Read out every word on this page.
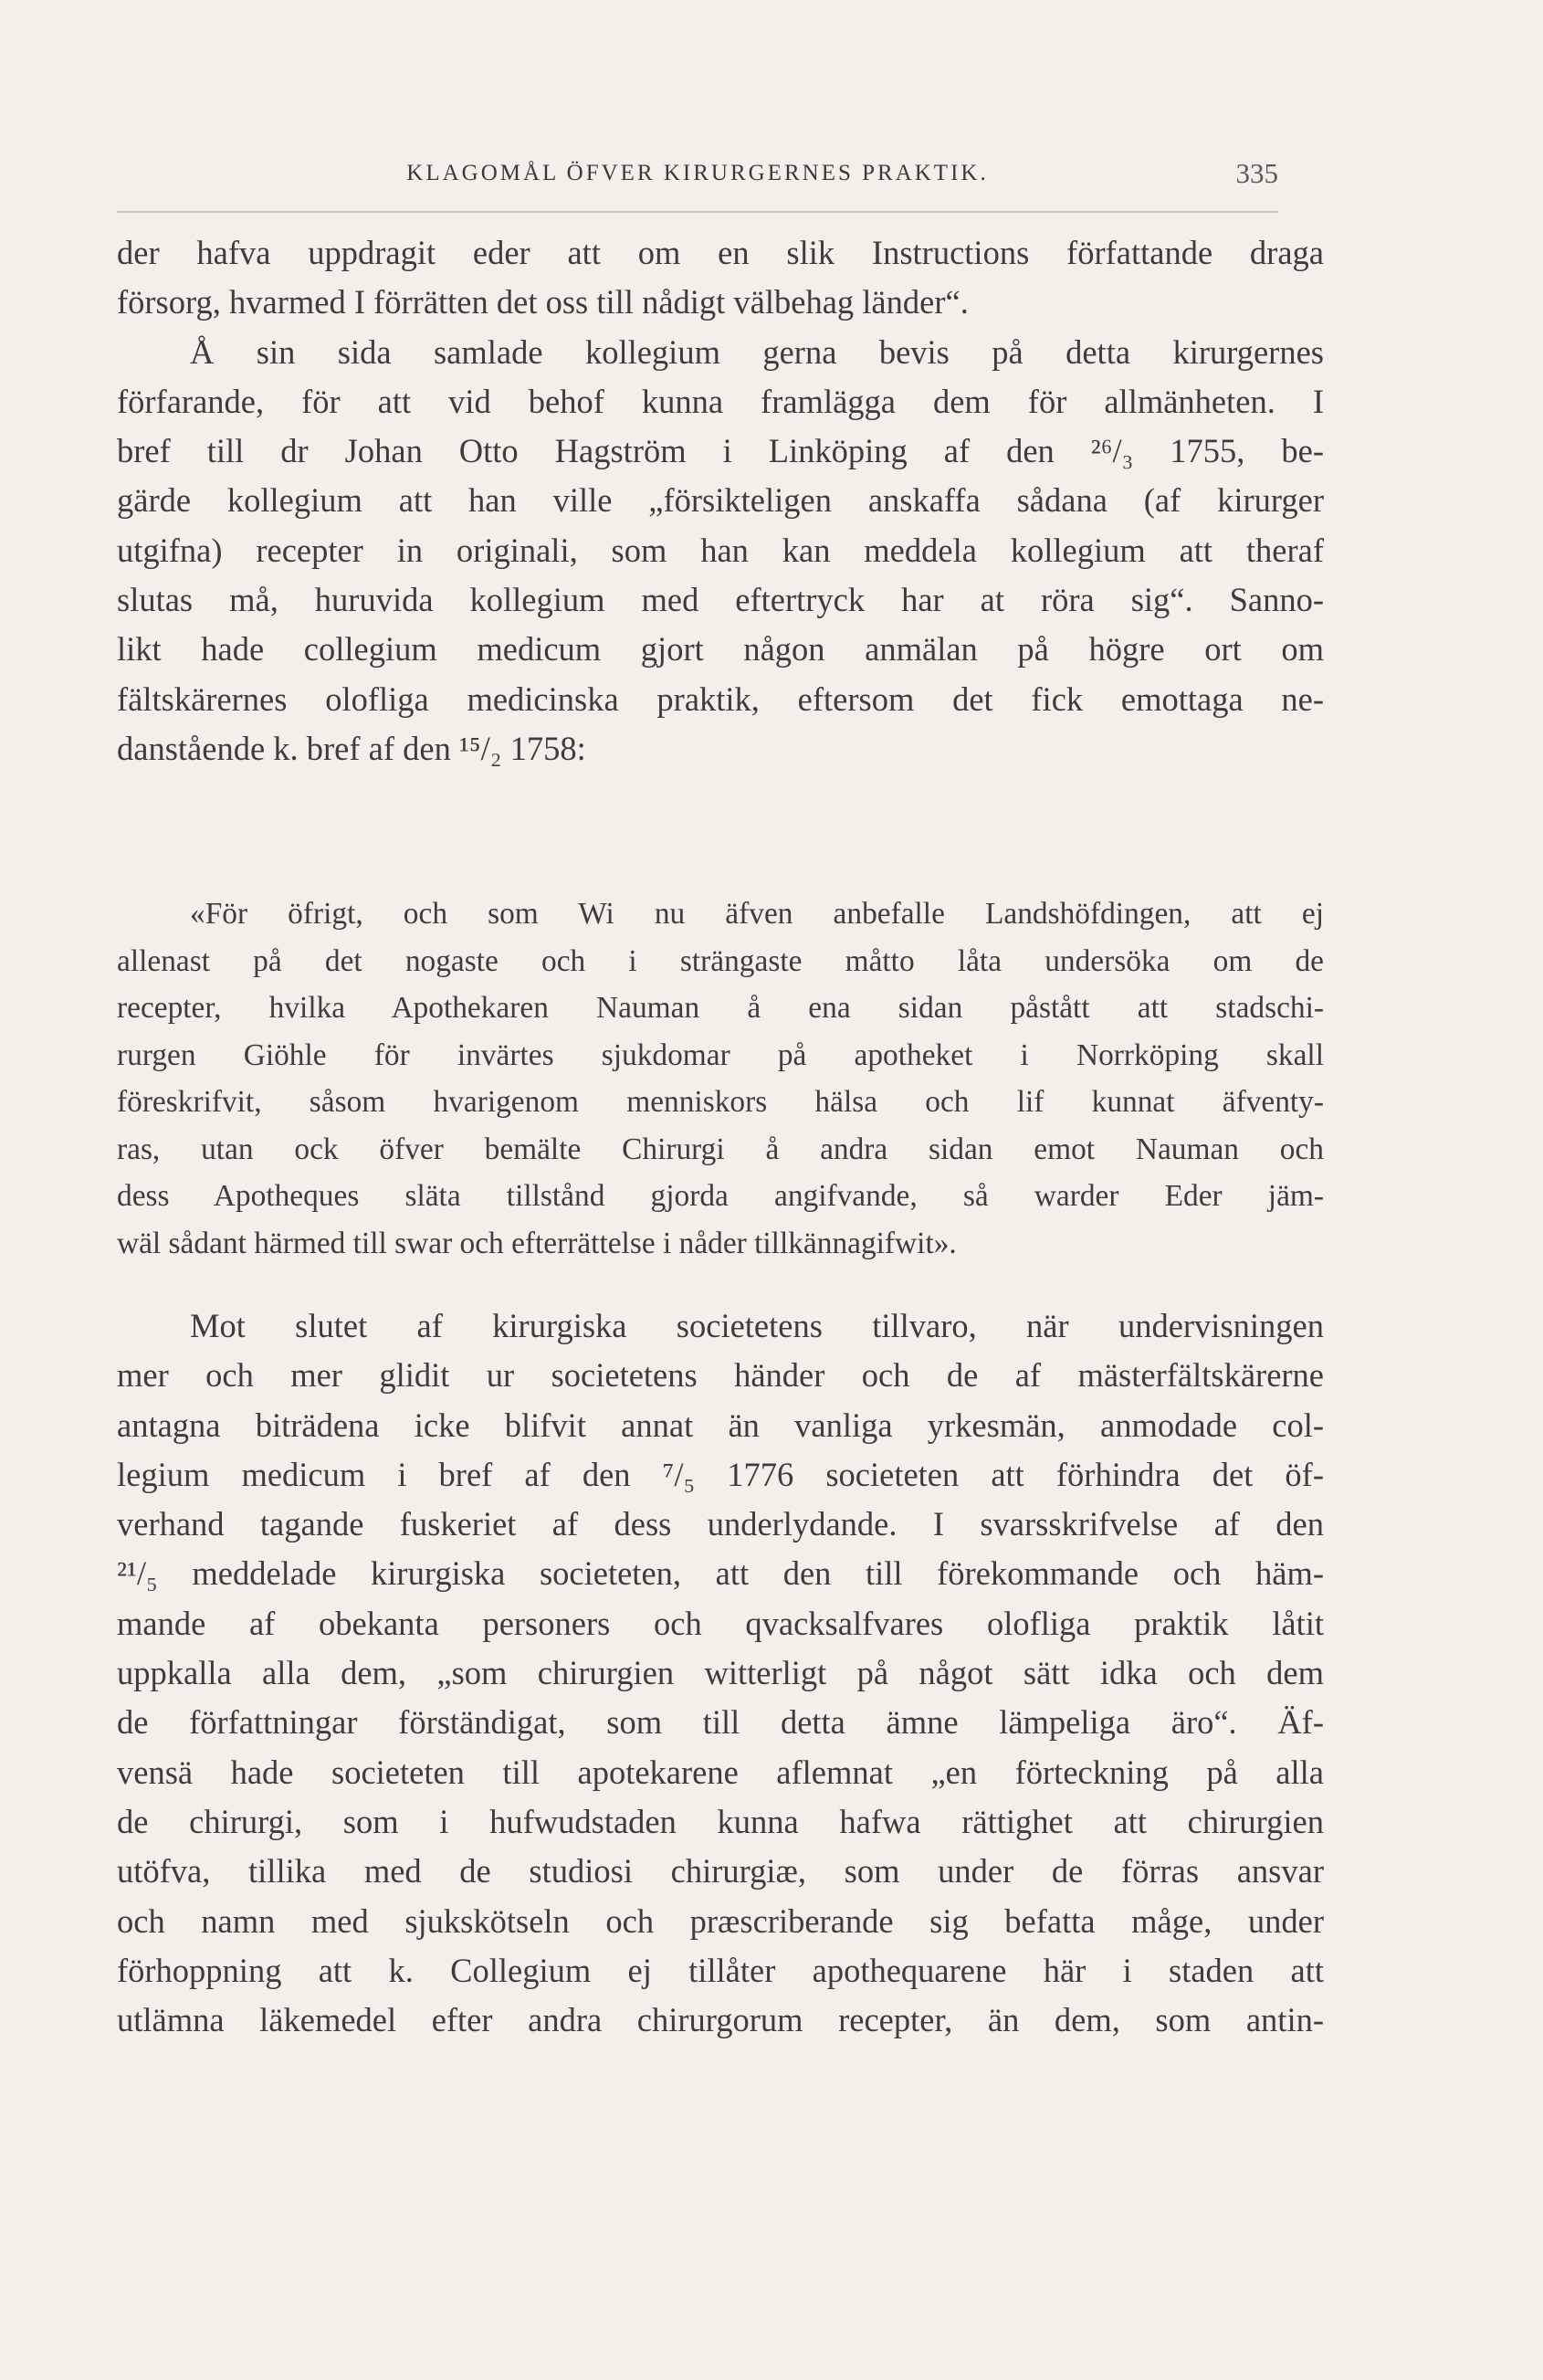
KLAGOMÅL ÖFVER KIRURGERNES PRAKTIK.	335

der hafva uppdragit eder att om en slik Instructions författande draga
försorg, hvarmed I förrätten det oss till nådigt välbehag länder“.

Å sin sida samlade kollegium gerna bevis på detta kirurgernes
förfarande, för att vid behof kunna framlägga dem för allmänheten. I
bref till dr Johan Otto Hagström i Linköping af den ²⁶/₃ 1755, be-
gärde kollegium att han ville „försikteligen anskaffa sådana (af kirurger
utgifna) recepter in originali, som han kan meddela kollegium att theraf
slutas må, huruvida kollegium med eftertryck har at röra sig“. Sanno-
likt hade collegium medicum gjort någon anmälan på högre ort om
fältskärernes olofliga medicinska praktik, eftersom det fick emottaga ne-
danstående k. bref af den ¹⁵/₂ 1758:

«För öfrigt, och som Wi nu äfven anbefalle Landshöfdingen, att ej
allenast på det nogaste och i strängaste måtto låta undersöka om de
recepter, hvilka Apothekaren Nauman å ena sidan påstått att stadschi-
rurgen Giöhle för invärtes sjukdomar på apotheket i Norrköping skall
föreskrifvit, såsom hvarigenom menniskors hälsa och lif kunnat äfventy-
ras, utan ock öfver bemälte Chirurgi å andra sidan emot Nauman och
dess Apotheques släta tillstånd gjorda angifvande, så warder Eder jäm-
wäl sådant härmed till swar och efterrättelse i nåder tillkännagifwit».
Mot slutet af kirurgiska societetens tillvaro, när undervisningen
mer och mer glidit ur societetens händer och de af mästerfältskärerne
antagna biträdena icke blifvit annat än vanliga yrkesmän, anmodade col-
legium medicum i bref af den ⁷/₅ 1776 societeten att förhindra det öf-
verhand tagande fuskeriet af dess underlydande. I svarsskrifvelse af den
²¹/₅ meddelade kirurgiska societeten, att den till förekommande och häm-
mande af obekanta personers och qvacksalfvares olofliga praktik låtit
uppkalla alla dem, „som chirurgien witterligt på något sätt idka och dem
de författningar förständigat, som till detta ämne lämpeliga äro“. Äf-
vensä hade societeten till apotekarene aflemnat „en förteckning på alla
de chirurgi, som i hufwudstaden kunna hafwa rättighet att chirurgien
utöfva, tillika med de studiosi chirurgiæ, som under de förras ansvar
och namn med sjukskötseln och præscriberande sig befatta måge, under
förhoppning att k. Collegium ej tillåter apothequarene här i staden att
utlämna läkemedel efter andra chirurgorum recepter, än dem, som antin-
